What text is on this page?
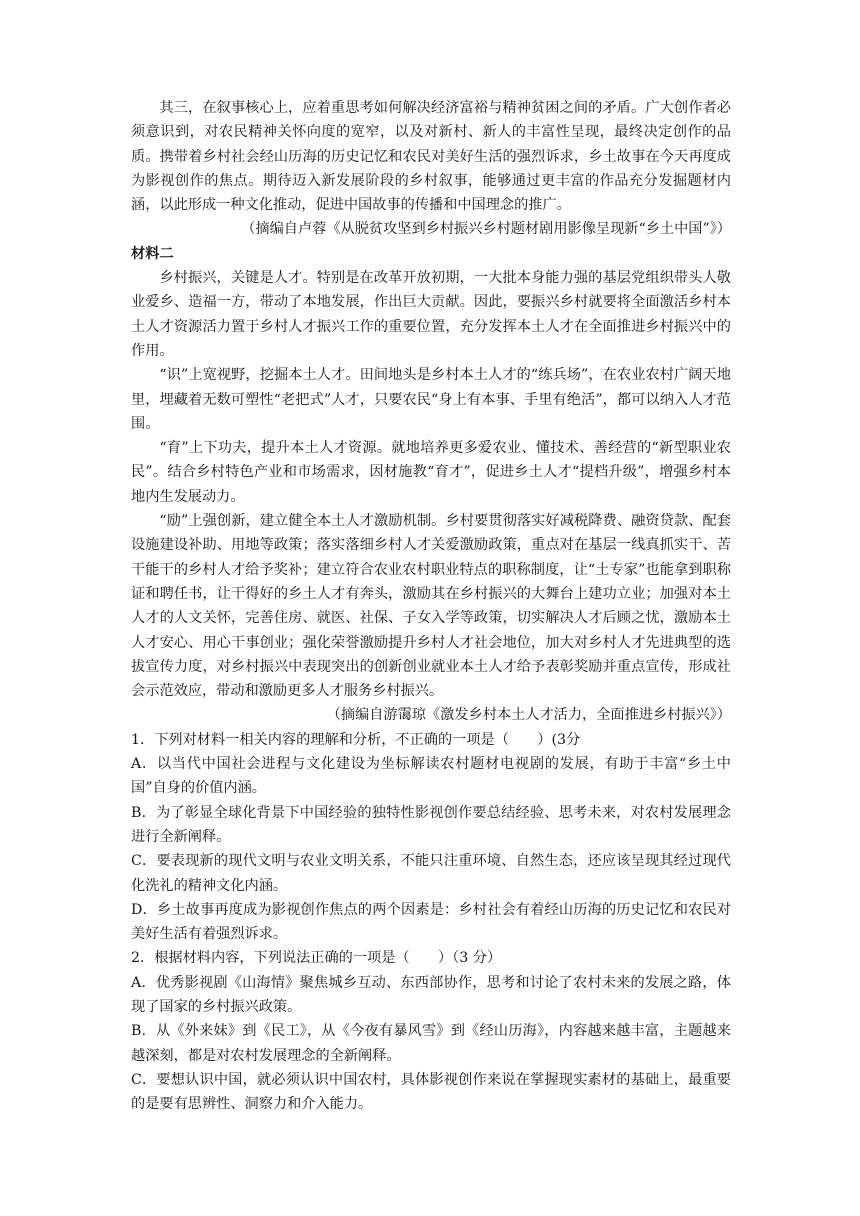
其三，在叙事核心上，应着重思考如何解决经济富裕与精神贫困之间的矛盾。广大创作者必须意识到，对农民精神关怀向度的宽窄，以及对新村、新人的丰富性呈现，最终决定创作的品质。携带着乡村社会经山历海的历史记忆和农民对美好生活的强烈诉求，乡土故事在今天再度成为影视创作的焦点。期待迈入新发展阶段的乡村叙事，能够通过更丰富的作品充分发掘题材内涵，以此形成一种文化推动，促进中国故事的传播和中国理念的推广。

（摘编自卢蓉《从脱贫攻坚到乡村振兴乡村题材剧用影像呈现新“乡土中国”》）

材料二

乡村振兴，关键是人才。特别是在改革开放初期，一大批本身能力强的基层党组织带头人敬业爱乡、造福一方，带动了本地发展，作出巨大贡献。因此，要振兴乡村就要将全面激活乡村本土人才资源活力置于乡村人才振兴工作的重要位置，充分发挥本土人才在全面推进乡村振兴中的作用。

“识”上宽视野，挖掘本土人才。田间地头是乡村本土人才的“练兵场”，在农业农村广阔天地里，埋藏着无数可塑性“老把式”人才，只要农民“身上有本事、手里有绝活”，都可以纳入人才范围。

“育”上下功夫，提升本土人才资源。就地培养更多爱农业、懂技术、善经营的“新型职业农民”。结合乡村特色产业和市场需求，因材施教“育才”，促进乡土人才“提档升级”，增强乡村本地内生发展动力。

“励”上强创新，建立健全本土人才激励机制。乡村要贯彻落实好减税降费、融资贷款、配套设施建设补助、用地等政策；落实落细乡村人才关爱激励政策，重点对在基层一线真抓实干、苦干能干的乡村人才给予奖补；建立符合农业农村职业特点的职称制度，让“土专家”也能拿到职称证和聘任书，让干得好的乡土人才有奔头，激励其在乡村振兴的大舞台上建功立业；加强对本土人才的人文关怀，完善住房、就医、社保、子女入学等政策，切实解决人才后顾之忧，激励本土人才安心、用心干事创业；强化荣誉激励提升乡村人才社会地位，加大对乡村人才先进典型的选拔宣传力度，对乡村振兴中表现突出的创新创业就业本土人才给予表彰奖励并重点宣传，形成社会示范效应，带动和激励更多人才服务乡村振兴。

（摘编自游霭琼《激发乡村本土人才活力，全面推进乡村振兴》）

1．下列对材料一相关内容的理解和分析，不正确的一项是（　　）(3分

A．以当代中国社会进程与文化建设为坐标解读农村题材电视剧的发展，有助于丰富“乡土中国”自身的价值内涵。

B．为了彰显全球化背景下中国经验的独特性影视创作要总结经验、思考未来，对农村发展理念进行全新阐释。

C．要表现新的现代文明与农业文明关系，不能只注重环境、自然生态，还应该呈现其经过现代化洗礼的精神文化内涵。

D．乡土故事再度成为影视创作焦点的两个因素是：乡村社会有着经山历海的历史记忆和农民对美好生活有着强烈诉求。

2．根据材料内容，下列说法正确的一项是（　　）（3 分）

A．优秀影视剧《山海情》聚焦城乡互动、东西部协作，思考和讨论了农村未来的发展之路，体现了国家的乡村振兴政策。

B．从《外来妹》到《民工》，从《今夜有暴风雪》到《经山历海》，内容越来越丰富，主题越来越深刻，都是对农村发展理念的全新阐释。

C．要想认识中国，就必须认识中国农村，具体影视创作来说在掌握现实素材的基础上，最重要的是要有思辨性、洞察力和介入能力。
